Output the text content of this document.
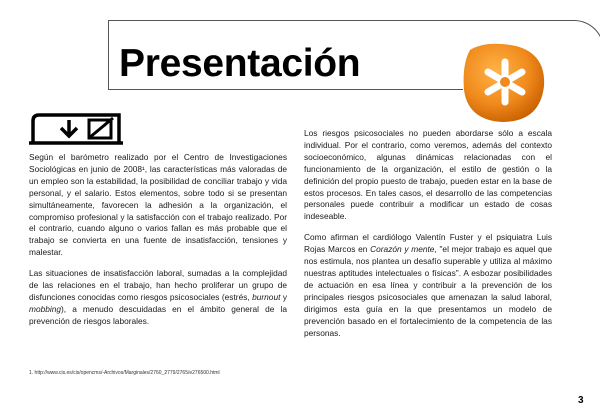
Presentación

Según el barómetro realizado por el Centro de Investigaciones Sociológicas en junio de 2008¹, las características más valoradas de un empleo son la estabilidad, la posibilidad de conciliar trabajo y vida personal, y el salario. Estos elementos, sobre todo si se presentan simultáneamente, favorecen la adhesión a la organización, el compromiso profesional y la satisfacción con el trabajo realizado. Por el contrario, cuando alguno o varios fallan es más probable que el trabajo se convierta en una fuente de insatisfacción, tensiones y malestar.

Las situaciones de insatisfacción laboral, sumadas a la complejidad de las relaciones en el trabajo, han hecho proliferar un grupo de disfunciones conocidas como riesgos psicosociales (estrés, burnout y mobbing), a menudo descuidadas en el ámbito general de la prevención de riesgos laborales.

Los riesgos psicosociales no pueden abordarse sólo a escala individual. Por el contrario, como veremos, además del contexto socioeconómico, algunas dinámicas relacionadas con el funcionamiento de la organización, el estilo de gestión o la definición del propio puesto de trabajo, pueden estar en la base de estos procesos. En tales casos, el desarrollo de las competencias personales puede contribuir a modificar un estado de cosas indeseable.

Como afirman el cardiólogo Valentín Fuster y el psiquiatra Luis Rojas Marcos en Corazón y mente, "el mejor trabajo es aquel que nos estimula, nos plantea un desafío superable y utiliza al máximo nuestras aptitudes intelectuales o físicas". A esbozar posibilidades de actuación en esa línea y contribuir a la prevención de los principales riesgos psicosociales que amenazan la salud laboral, dirigimos esta guía en la que presentamos un modelo de prevención basado en el fortalecimiento de la competencia de las personas.

1. http://www.cis.es/cis/opencms/-Archivos/Marginales/2760_2779/2765/e276500.html

3
